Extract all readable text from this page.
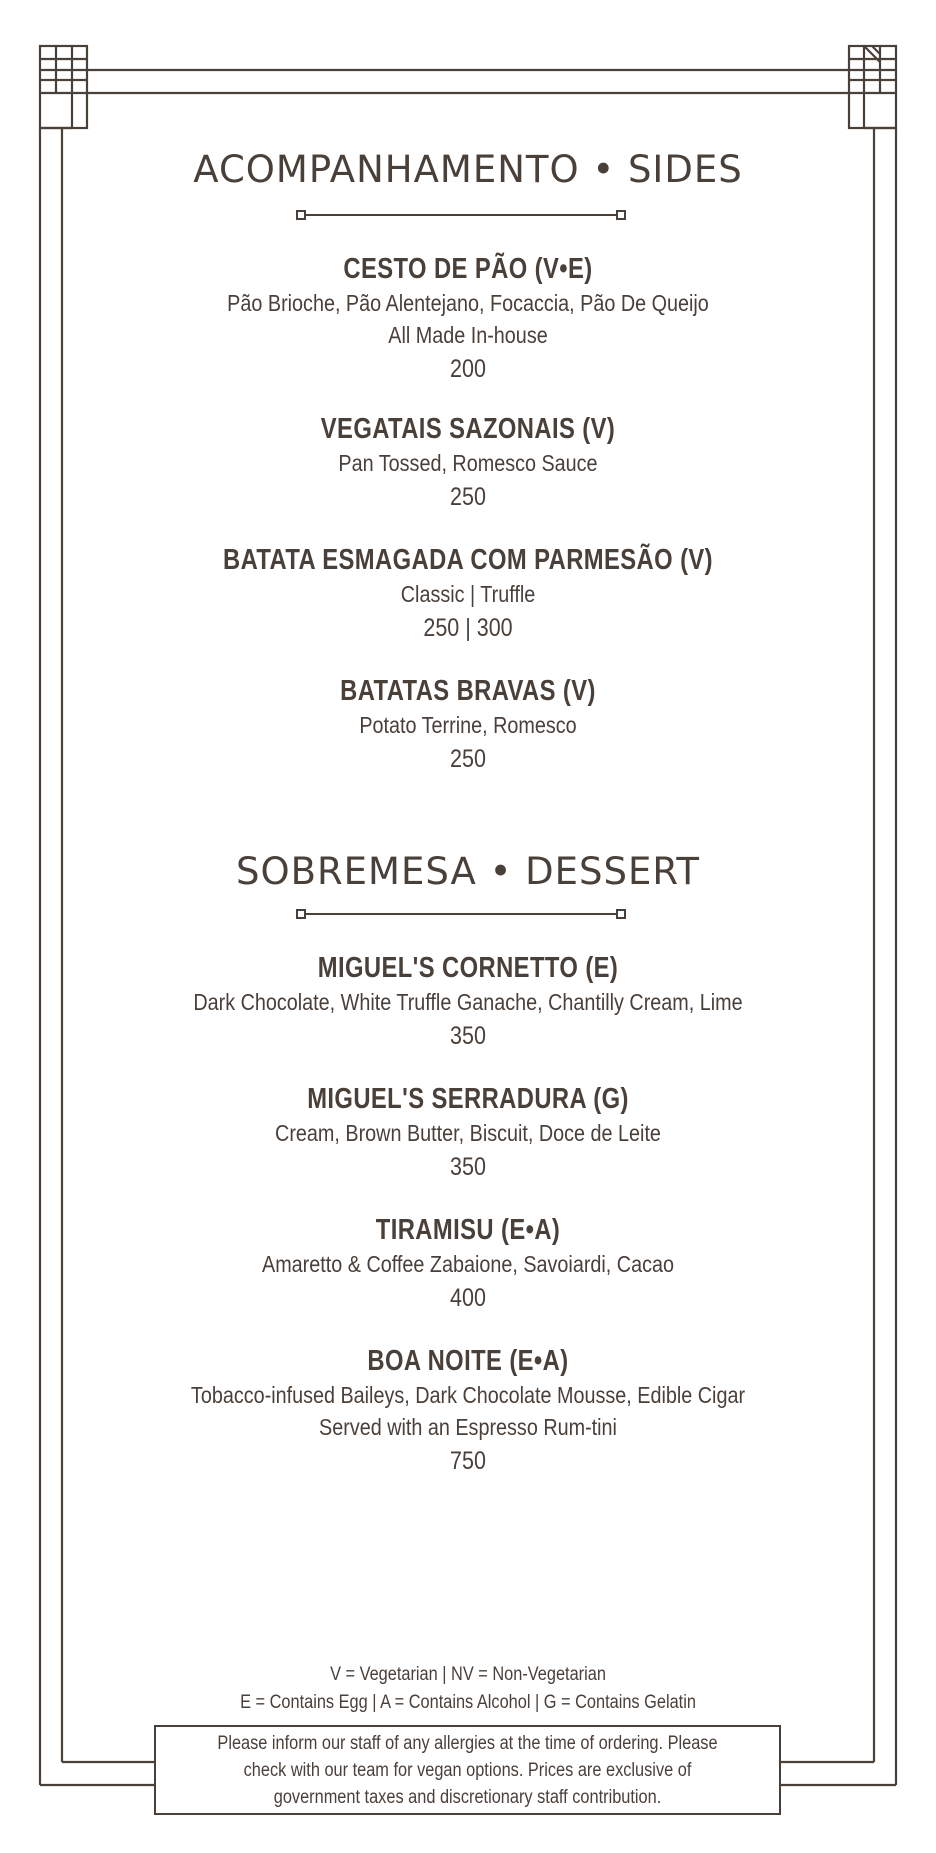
ACOMPANHAMENTO • SIDES
CESTO DE PÃO (V•E)
Pão Brioche, Pão Alentejano, Focaccia, Pão De Queijo
All Made In-house
200
VEGATAIS SAZONAIS (V)
Pan Tossed, Romesco Sauce
250
BATATA ESMAGADA COM PARMESÃO (V)
Classic | Truffle
250 | 300
BATATAS BRAVAS (V)
Potato Terrine, Romesco
250
SOBREMESA • DESSERT
MIGUEL'S CORNETTO (E)
Dark Chocolate, White Truffle Ganache, Chantilly Cream, Lime
350
MIGUEL'S SERRADURA (G)
Cream, Brown Butter, Biscuit, Doce de Leite
350
TIRAMISU (E•A)
Amaretto & Coffee Zabaione, Savoiardi, Cacao
400
BOA NOITE (E•A)
Tobacco-infused Baileys, Dark Chocolate Mousse, Edible Cigar
Served with an Espresso Rum-tini
750
V = Vegetarian | NV = Non-Vegetarian
E = Contains Egg | A = Contains Alcohol | G = Contains Gelatin
Please inform our staff of any allergies at the time of ordering. Please check with our team for vegan options. Prices are exclusive of government taxes and discretionary staff contribution.
